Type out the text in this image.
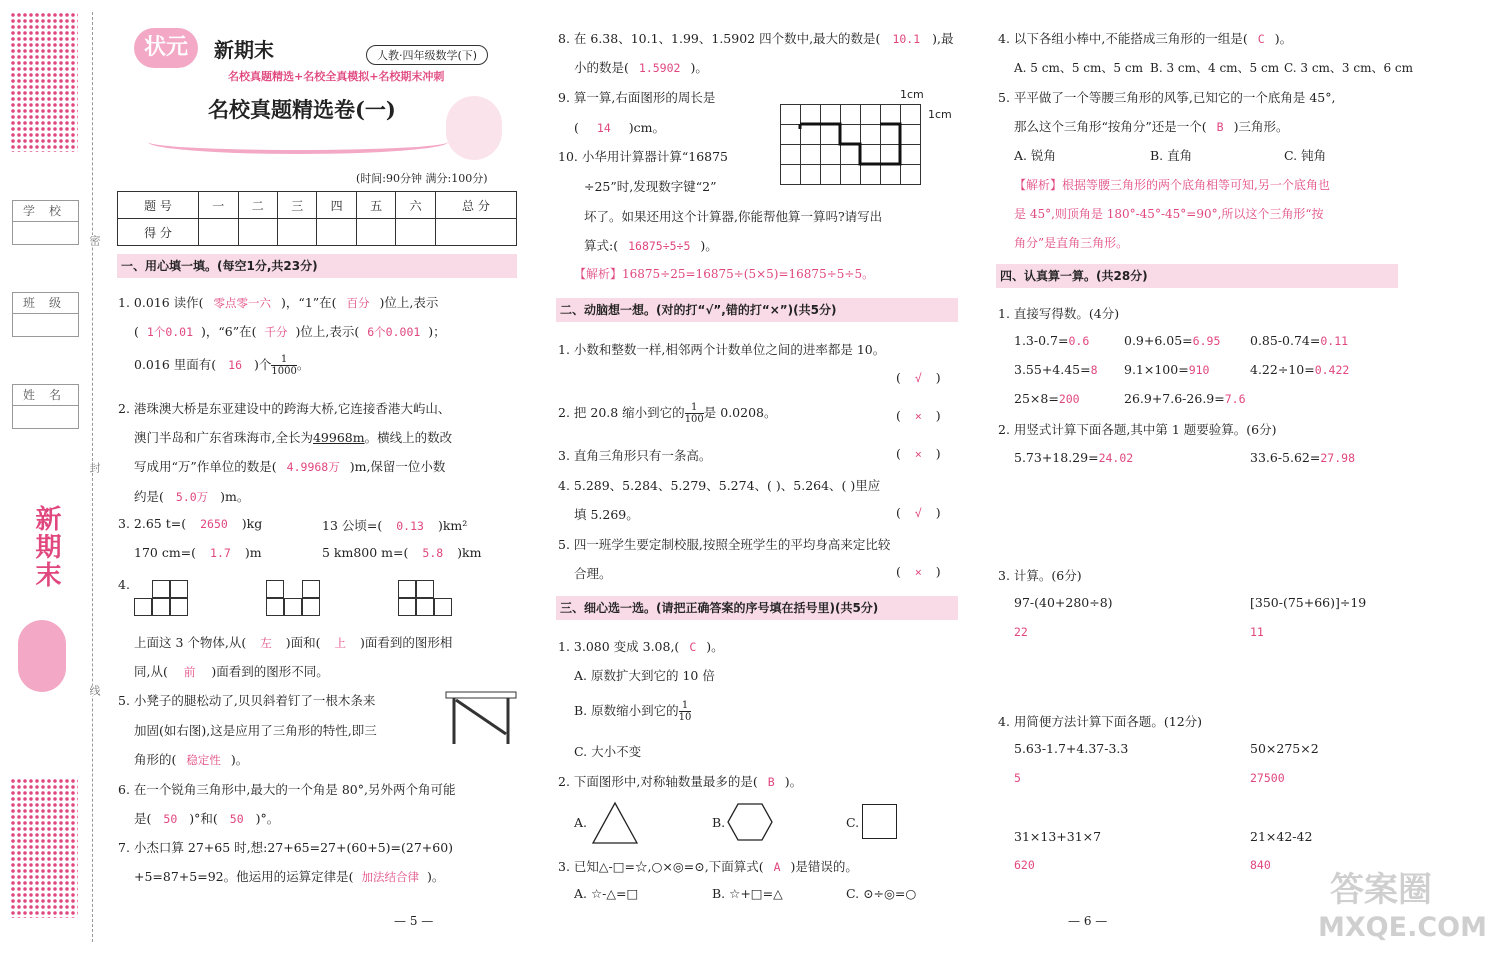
学校
班级
姓名
密
封
线
新期末
状元	新期末	人教·四年级数学(下)
名校真题精选+名校全真模拟+名校期末冲刺
名校真题精选卷(一)
(时间:90分钟 满分:100分)
题 号	一	二	三	四	五	六	总 分
得 分							
一、用心填一填。(每空1分,共23分)
1. 0.016 读作( 零点零一六 )，“1”在( 百分 )位上,表示
( 1个0.01 )，“6”在( 千分 )位上,表示( 6个0.001 )；
0.016 里面有( 16 )个 $\frac{1}{1000}$ 。
2. 港珠澳大桥是东亚建设中的跨海大桥,它连接香港大屿山、
澳门半岛和广东省珠海市,全长为49968m。横线上的数改
写成用“万”作单位的数是( 4.9968万 )m,保留一位小数
约是( 5.0万 )m。
3. 2.65 t=( 2650 )kg	13 公顷=( 0.13 )km²
170 cm=( 1.7 )m	5 km800 m=( 5.8 )km
4.
上面这 3 个物体,从( 左 )面和( 上 )面看到的图形相
同,从( 前 )面看到的图形不同。
5. 小凳子的腿松动了,贝贝斜着钉了一根木条来
加固(如右图),这是应用了三角形的特性,即三
角形的( 稳定性 )。
6. 在一个锐角三角形中,最大的一个角是 80°,另外两个角可能
是( 50 )°和( 50 )°。
7. 小杰口算 27+65 时,想:27+65=27+(60+5)=(27+60)
+5=87+5=92。他运用的运算定律是( 加法结合律 )。
— 5 —
8. 在 6.38、10.1、1.99、1.5902 四个数中,最大的数是( 10.1 ),最
小的数是( 1.5902 )。
9. 算一算,右面图形的周长是
( 14 )cm。
1cm
1cm
10. 小华用计算器计算“16875
÷25”时,发现数字键“2”
坏了。如果还用这个计算器,你能帮他算一算吗?请写出
算式:( 16875÷5÷5 )。
【解析】16875÷25=16875÷(5×5)=16875÷5÷5。
二、动脑想一想。(对的打“√”,错的打“×”)(共5分)
1. 小数和整数一样,相邻两个计数单位之间的进率都是 10。
( √ )
2. 把 20.8 缩小到它的 $\frac{1}{100}$ 是 0.0208。	( × )
3. 直角三角形只有一条高。	( × )
4. 5.289、5.284、5.279、5.274、( )、5.264、( )里应
填 5.269。	( √ )
5. 四一班学生要定制校服,按照全班学生的平均身高来定比较
合理。	( × )
三、细心选一选。(请把正确答案的序号填在括号里)(共5分)
1. 3.080 变成 3.08,( C )。
A. 原数扩大到它的 10 倍
B. 原数缩小到它的 $\frac{1}{10}$
C. 大小不变
2. 下面图形中,对称轴数量最多的是( B )。
A.	B.	C.
3. 已知△-□=☆,○×◎=⊙,下面算式( A )是错误的。
A. ☆-△=□	B. ☆+□=△	C. ⊙÷◎=○
4. 以下各组小棒中,不能搭成三角形的一组是( C )。
A. 5 cm、5 cm、5 cm B. 3 cm、4 cm、5 cm C. 3 cm、3 cm、6 cm
5. 平平做了一个等腰三角形的风筝,已知它的一个底角是 45°,
那么这个三角形“按角分”还是一个( B )三角形。
A. 锐角	B. 直角	C. 钝角
【解析】根据等腰三角形的两个底角相等可知,另一个底角也
是 45°,则顶角是 180°-45°-45°=90°,所以这个三角形“按
角分”是直角三角形。
四、认真算一算。(共28分)
1. 直接写得数。(4分)
1.3-0.7=0.6	0.9+6.05=6.95 0.85-0.74=0.11
3.55+4.45=8 9.1×100=910	4.22÷10=0.422
25×8=200	26.9+7.6-26.9=7.6
2. 用竖式计算下面各题,其中第 1 题要验算。(6分)
5.73+18.29=24.02	33.6-5.62=27.98
3. 计算。(6分)
97-(40+280÷8)
22
[350-(75+66)]÷19
11
4. 用简便方法计算下面各题。(12分)
5.63-1.7+4.37-3.3
5
50×275×2
27500
31×13+31×7
620
21×42-42
840
— 6 —
答案圈
MXQE.COM
